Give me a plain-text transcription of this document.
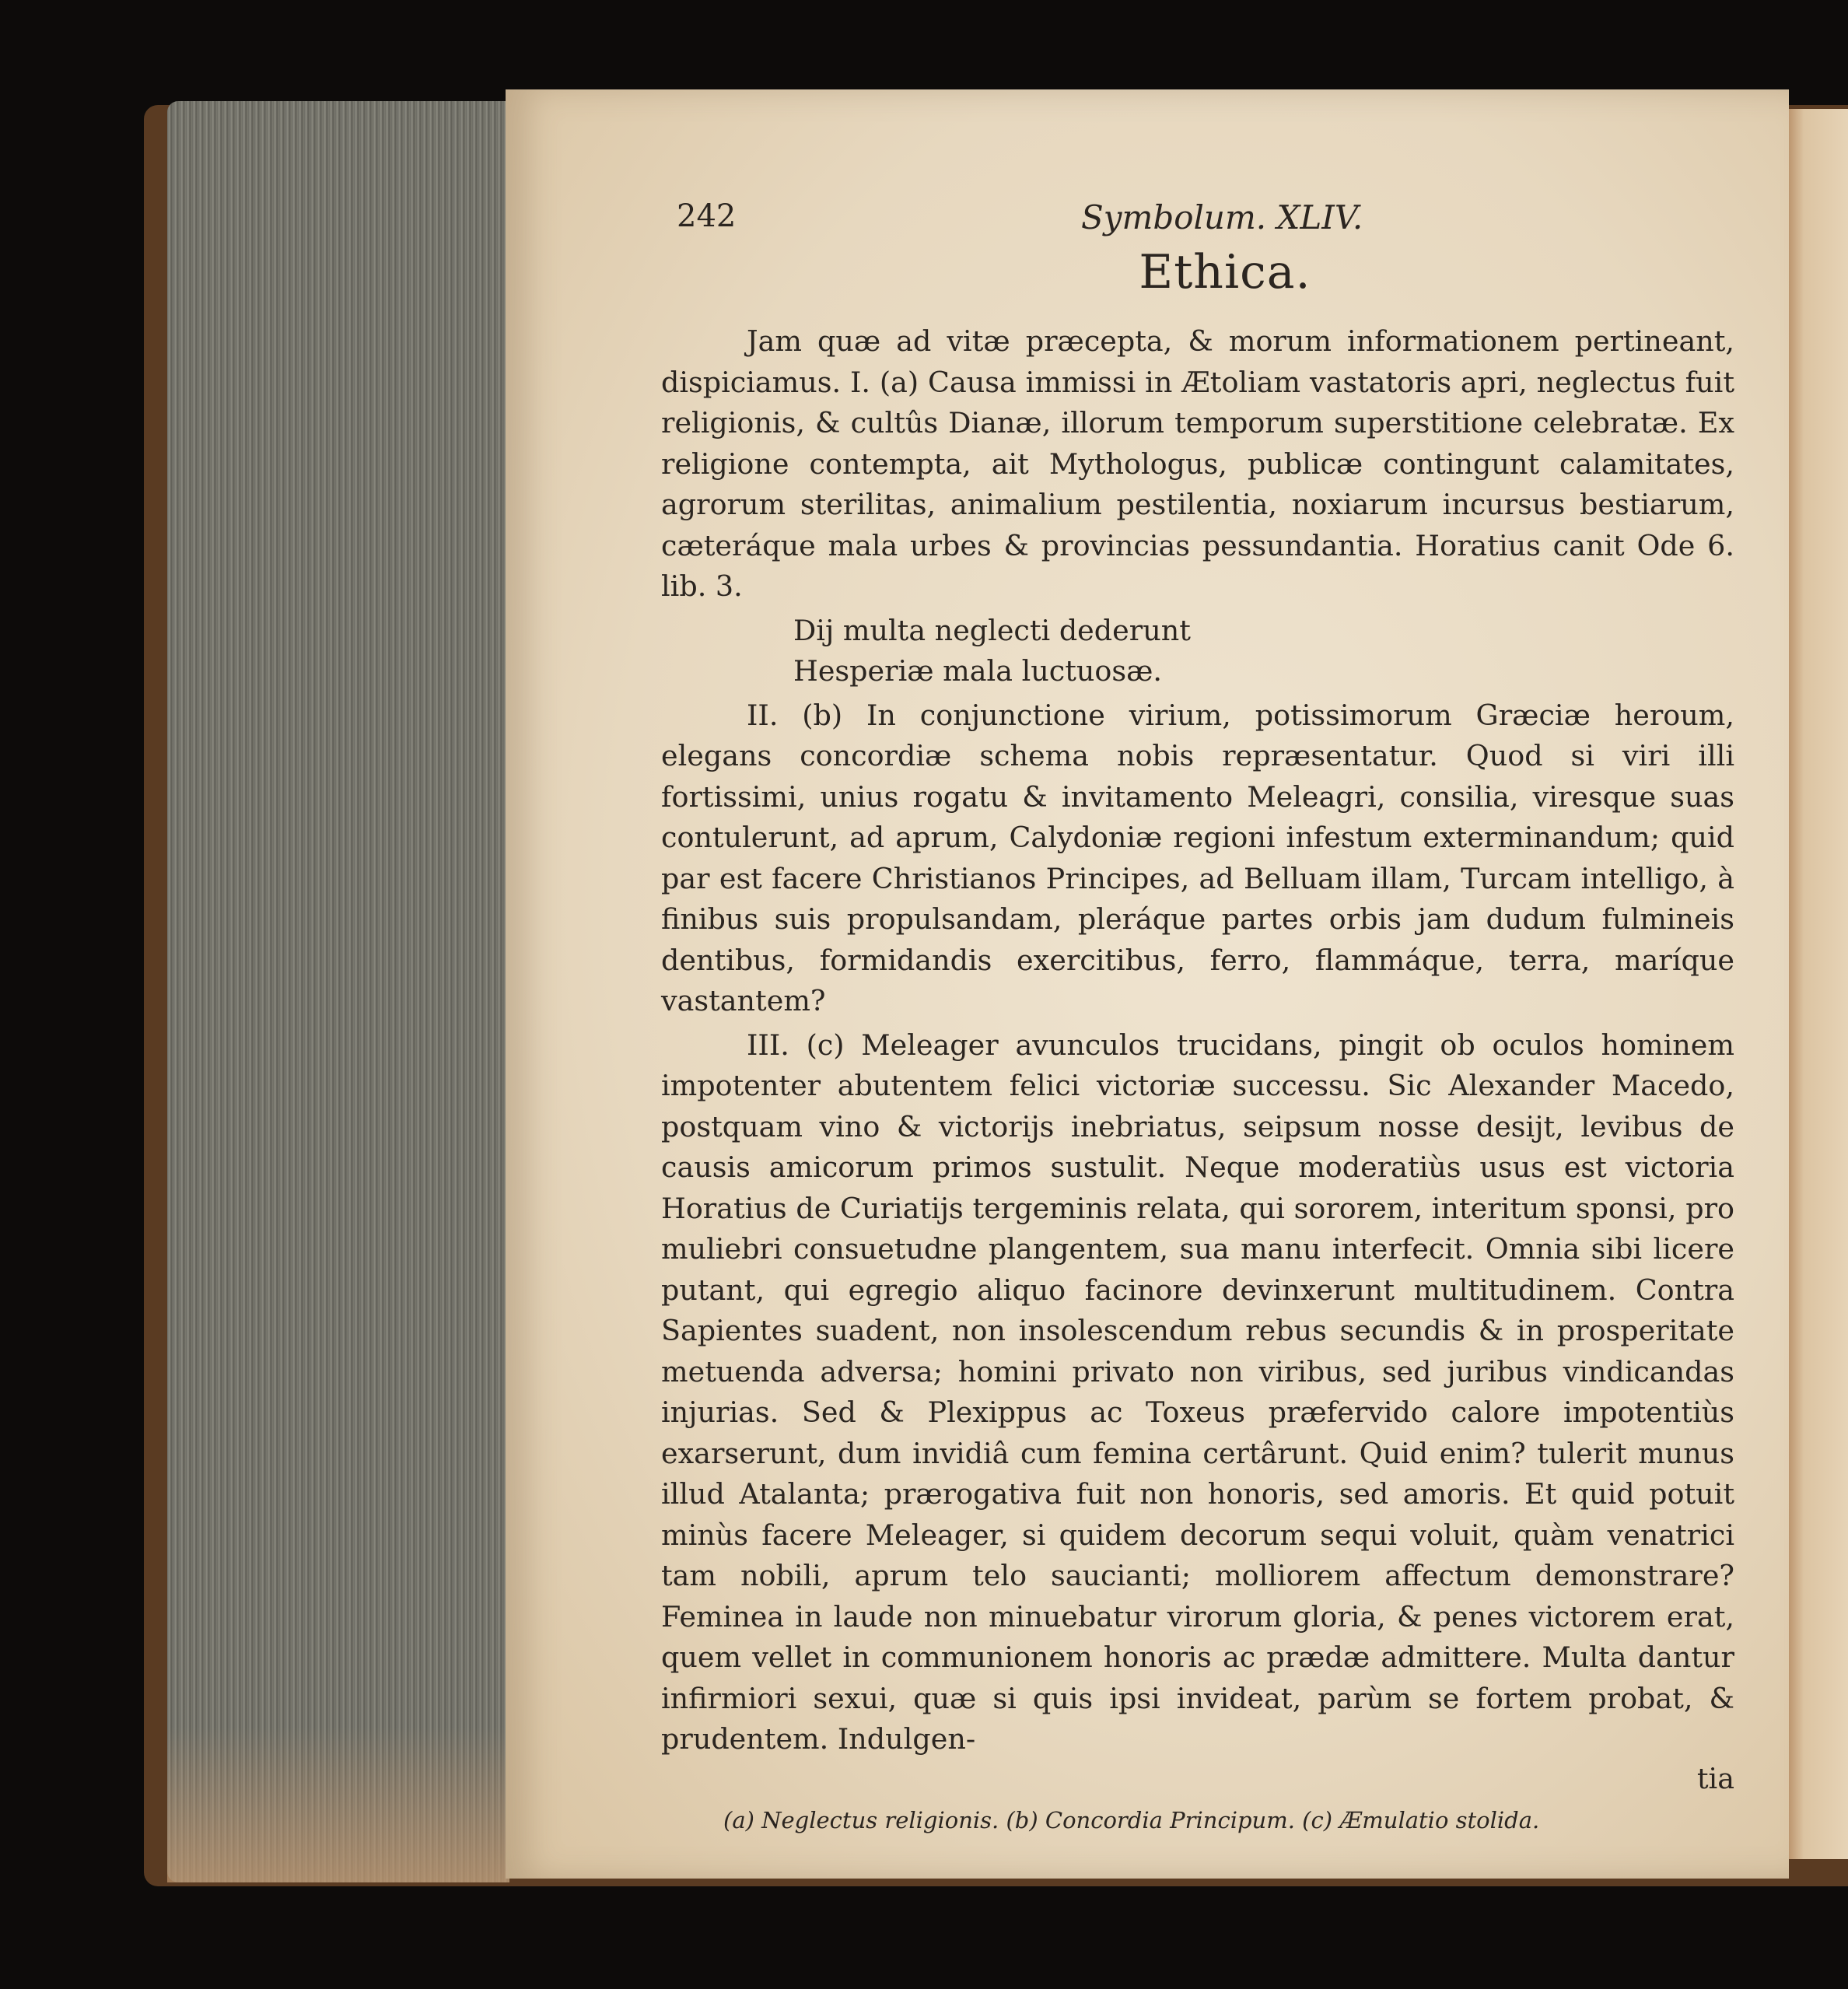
242	Symbolum. XLIV.
Ethica.

Jam quæ ad vitæ præcepta, & morum informationem pertineant, dispiciamus. I. (a) Causa immissi in Ætoliam vastatoris apri, neglectus fuit religionis, & cultûs Dianæ, illorum temporum superstitione celebratæ. Ex religione contempta, ait Mythologus, publicæ contingunt calamitates, agrorum sterilitas, animalium pestilentia, noxiarum incursus bestiarum, cæteráque mala urbes & provincias pessundantia. Horatius canit Ode 6. lib. 3.

Dij multa neglecti dederunt
Hesperiæ mala luctuosæ.

II. (b) In conjunctione virium, potissimorum Græciæ heroum, elegans concordiæ schema nobis repræsentatur. Quod si viri illi fortissimi, unius rogatu & invitamento Meleagri, consilia, viresque suas contulerunt, ad aprum, Calydoniæ regioni infestum exterminandum; quid par est facere Christianos Principes, ad Belluam illam, Turcam intelligo, à finibus suis propulsandam, pleráque partes orbis jam dudum fulmineis dentibus, formidandis exercitibus, ferro, flammáque, terra, maríque vastantem?

III. (c) Meleager avunculos trucidans, pingit ob oculos hominem impotenter abutentem felici victoriæ successu. Sic Alexander Macedo, postquam vino & victorijs inebriatus, seipsum nosse desijt, levibus de causis amicorum primos sustulit. Neque moderatiùs usus est victoria Horatius de Curiatijs tergeminis relata, qui sororem, interitum sponsi, pro muliebri consuetudne plangentem, sua manu interfecit. Omnia sibi licere putant, qui egregio aliquo facinore devinxerunt multitudinem. Contra Sapientes suadent, non insolescendum rebus secundis & in prosperitate metuenda adversa; homini privato non viribus, sed juribus vindicandas injurias. Sed & Plexippus ac Toxeus præfervido calore impotentiùs exarserunt, dum invidiâ cum femina certârunt. Quid enim? tulerit munus illud Atalanta; prærogativa fuit non honoris, sed amoris. Et quid potuit minùs facere Meleager, si quidem decorum sequi voluit, quàm venatrici tam nobili, aprum telo saucianti; molliorem affectum demonstrare? Feminea in laude non minuebatur virorum gloria, & penes victorem erat, quem vellet in communionem honoris ac prædæ admittere. Multa dantur infirmiori sexui, quæ si quis ipsi invideat, parùm se fortem probat, & prudentem. Indulgen-

tia
(a) Neglectus religionis. (b) Concordia Principum. (c) Æmulatio stolida.
